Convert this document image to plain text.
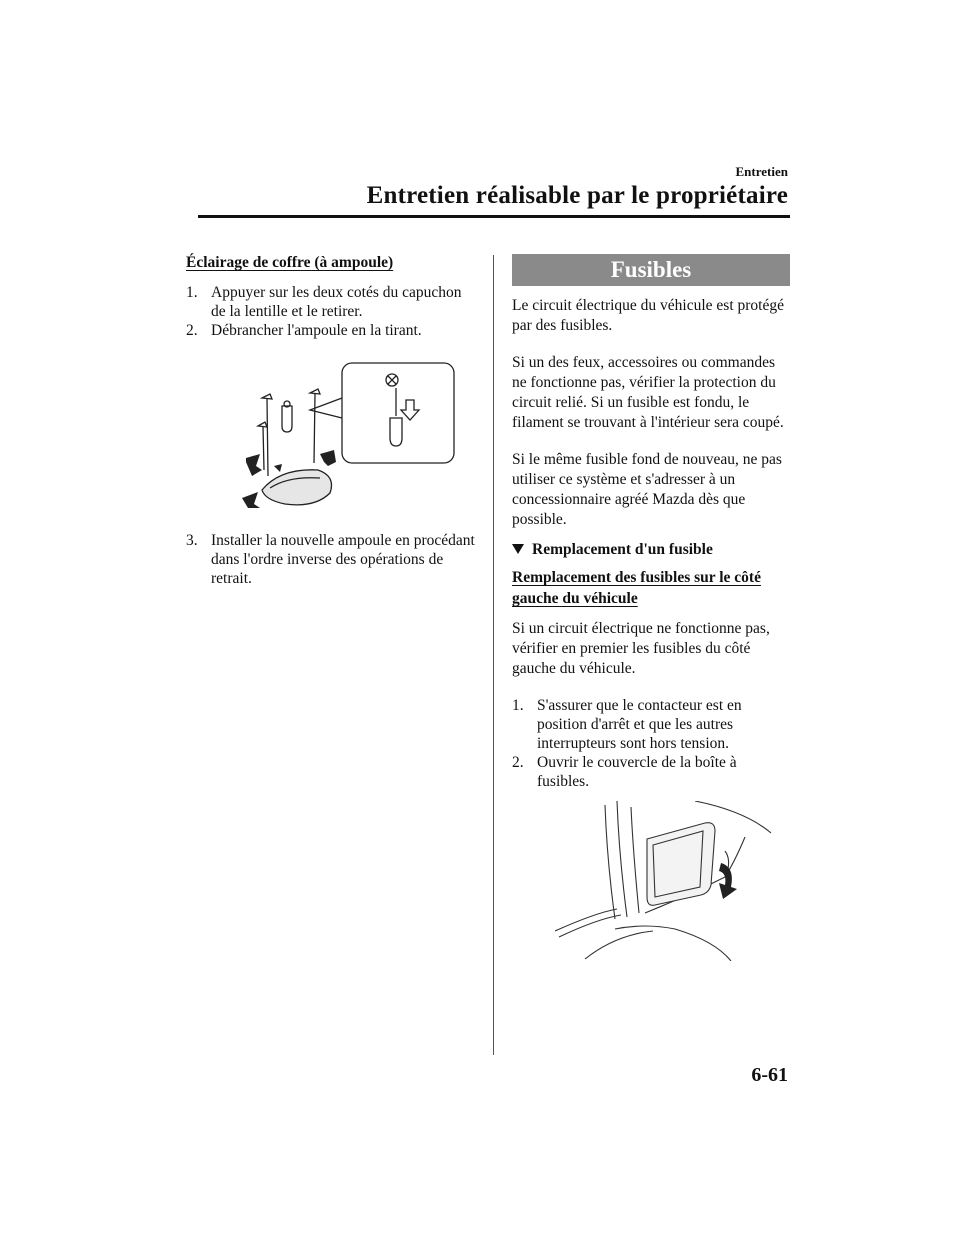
Entretien
Entretien réalisable par le propriétaire
Éclairage de coffre (à ampoule)
1. Appuyer sur les deux cotés du capuchon de la lentille et le retirer.
2. Débrancher l'ampoule en la tirant.
3. Installer la nouvelle ampoule en procédant dans l'ordre inverse des opérations de retrait.
Fusibles

Le circuit électrique du véhicule est protégé par des fusibles.

Si un des feux, accessoires ou commandes ne fonctionne pas, vérifier la protection du circuit relié. Si un fusible est fondu, le filament se trouvant à l'intérieur sera coupé.

Si le même fusible fond de nouveau, ne pas utiliser ce système et s'adresser à un concessionnaire agréé Mazda dès que possible.

Remplacement d'un fusible
Remplacement des fusibles sur le côté gauche du véhicule

Si un circuit électrique ne fonctionne pas, vérifier en premier les fusibles du côté gauche du véhicule.

1. S'assurer que le contacteur est en position d'arrêt et que les autres interrupteurs sont hors tension.
2. Ouvrir le couvercle de la boîte à fusibles.
6-61
